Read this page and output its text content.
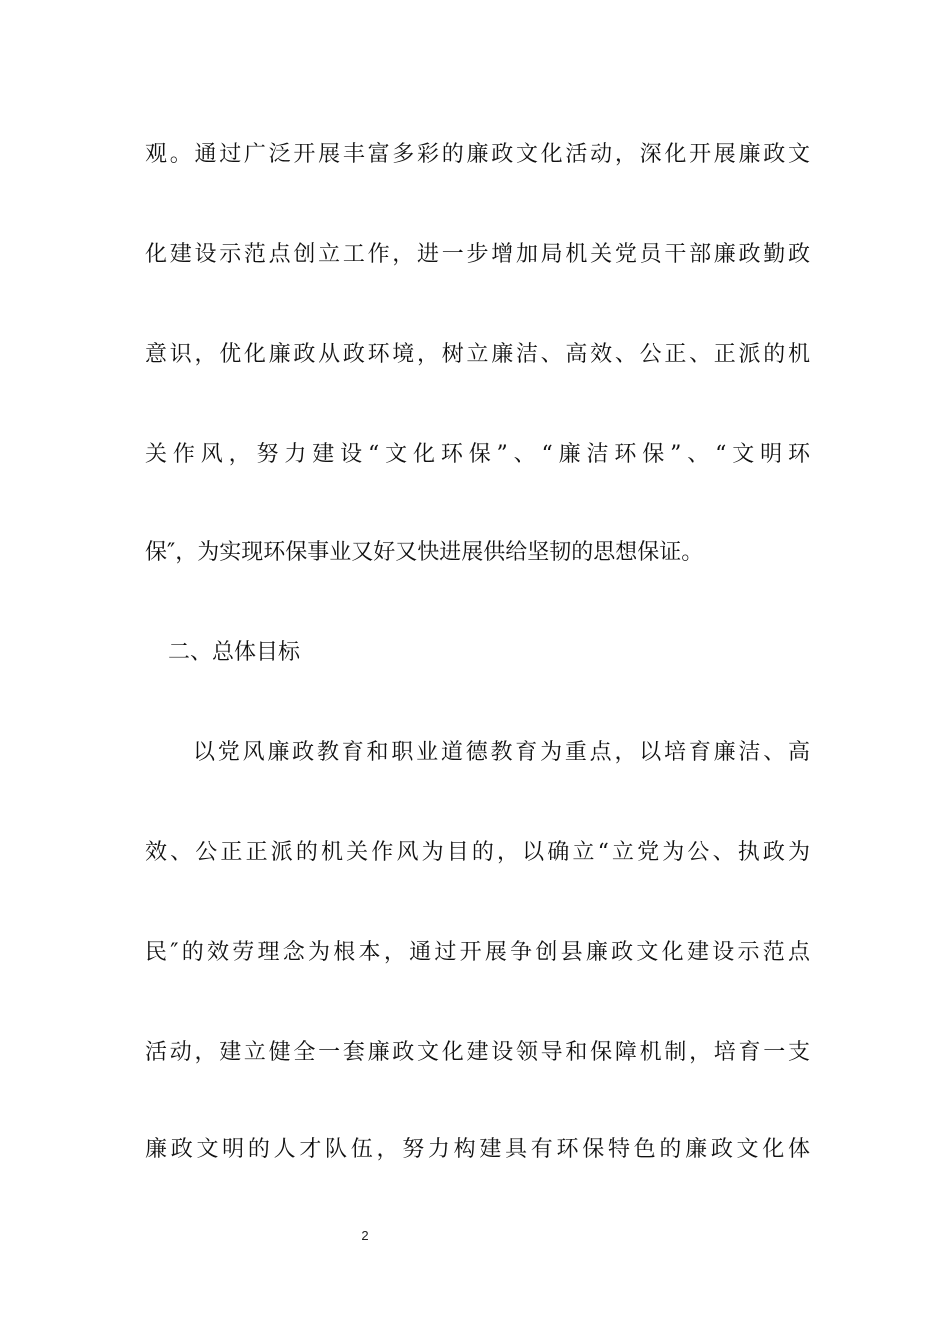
观。通过广泛开展丰富多彩的廉政文化活动，深化开展廉政文
化建设示范点创立工作，进一步增加局机关党员干部廉政勤政
意识，优化廉政从政环境，树立廉洁、高效、公正、正派的机
关作风，努力建设“文化环保”、“廉洁环保”、“文明环
保″，为实现环保事业又好又快进展供给坚韧的思想保证。
二、总体目标
以党风廉政教育和职业道德教育为重点，以培育廉洁、高
效、公正正派的机关作风为目的，以确立“立党为公、执政为
民″的效劳理念为根本，通过开展争创县廉政文化建设示范点
活动，建立健全一套廉政文化建设领导和保障机制，培育一支
廉政文明的人才队伍，努力构建具有环保特色的廉政文化体
2
